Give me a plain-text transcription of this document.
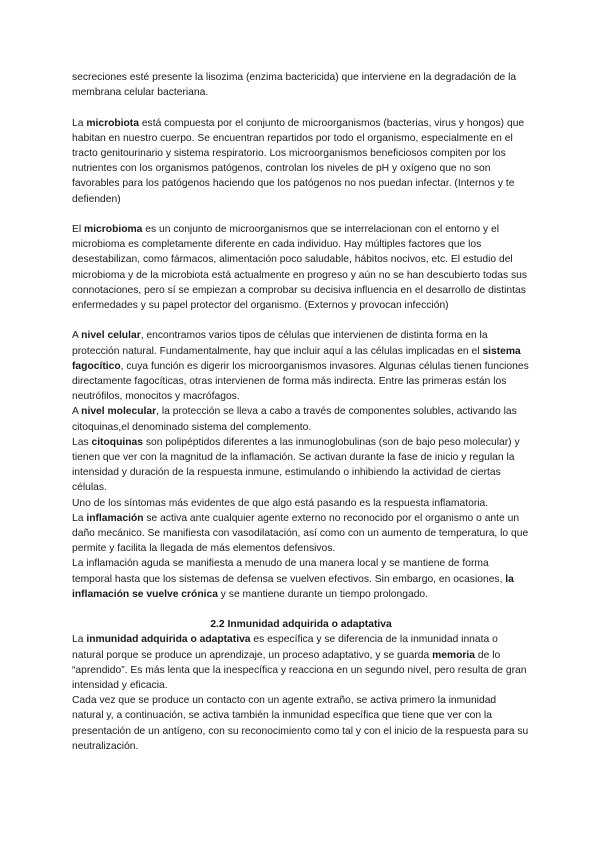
secreciones esté presente la lisozima (enzima bactericida) que interviene en la degradación de la membrana celular bacteriana.

La microbiota está compuesta por el conjunto de microorganismos (bacterias, virus y hongos) que habitan en nuestro cuerpo. Se encuentran repartidos por todo el organismo, especialmente en el tracto genitourinario y sistema respiratorio. Los microorganismos beneficiosos compiten por los nutrientes con los organismos patógenos, controlan los niveles de pH y oxígeno que no son favorables para los patógenos haciendo que los patógenos no nos puedan infectar. (Internos y te defienden)

El microbioma es un conjunto de microorganismos que se interrelacionan con el entorno y el microbioma es completamente diferente en cada individuo. Hay múltiples factores que los desestabilizan, como fármacos, alimentación poco saludable, hábitos nocivos, etc. El estudio del microbioma y de la microbiota está actualmente en progreso y aún no se han descubierto todas sus connotaciones, pero sí se empiezan a comprobar su decisiva influencia en el desarrollo de distintas enfermedades y su papel protector del organismo. (Externos y provocan infección)

A nivel celular, encontramos varios tipos de células que intervienen de distinta forma en la protección natural. Fundamentalmente, hay que incluir aquí a las células implicadas en el sistema fagocítico, cuya función es digerir los microorganismos invasores. Algunas células tienen funciones directamente fagocíticas, otras intervienen de forma más indirecta. Entre las primeras están los neutrófilos, monocitos y macrófagos.

A nivel molecular, la protección se lleva a cabo a través de componentes solubles, activando las citoquinas,el denominado sistema del complemento.

Las citoquinas son polipéptidos diferentes a las inmunoglobulinas (son de bajo peso molecular) y tienen que ver con la magnitud de la inflamación. Se activan durante la fase de inicio y regulan la intensidad y duración de la respuesta inmune, estimulando o inhibiendo la actividad de ciertas células.

Uno de los síntomas más evidentes de que algo está pasando es la respuesta inflamatoria.

La inflamación se activa ante cualquier agente externo no reconocido por el organismo o ante un daño mecánico. Se manifiesta con vasodilatación, así como con un aumento de temperatura, lo que permite y facilita la llegada de más elementos defensivos.

La inflamación aguda se manifiesta a menudo de una manera local y se mantiene de forma temporal hasta que los sistemas de defensa se vuelven efectivos. Sin embargo, en ocasiones, la inflamación se vuelve crónica y se mantiene durante un tiempo prolongado.

2.2 Inmunidad adquirida o adaptativa

La inmunidad adquirida o adaptativa es específica y se diferencia de la inmunidad innata o natural porque se produce un aprendizaje, un proceso adaptativo, y se guarda memoria de lo “aprendido”. Es más lenta que la inespecífica y reacciona en un segundo nivel, pero resulta de gran intensidad y eficacia.

Cada vez que se produce un contacto con un agente extraño, se activa primero la inmunidad natural y, a continuación, se activa también la inmunidad específica que tiene que ver con la presentación de un antígeno, con su reconocimiento como tal y con el inicio de la respuesta para su neutralización.
